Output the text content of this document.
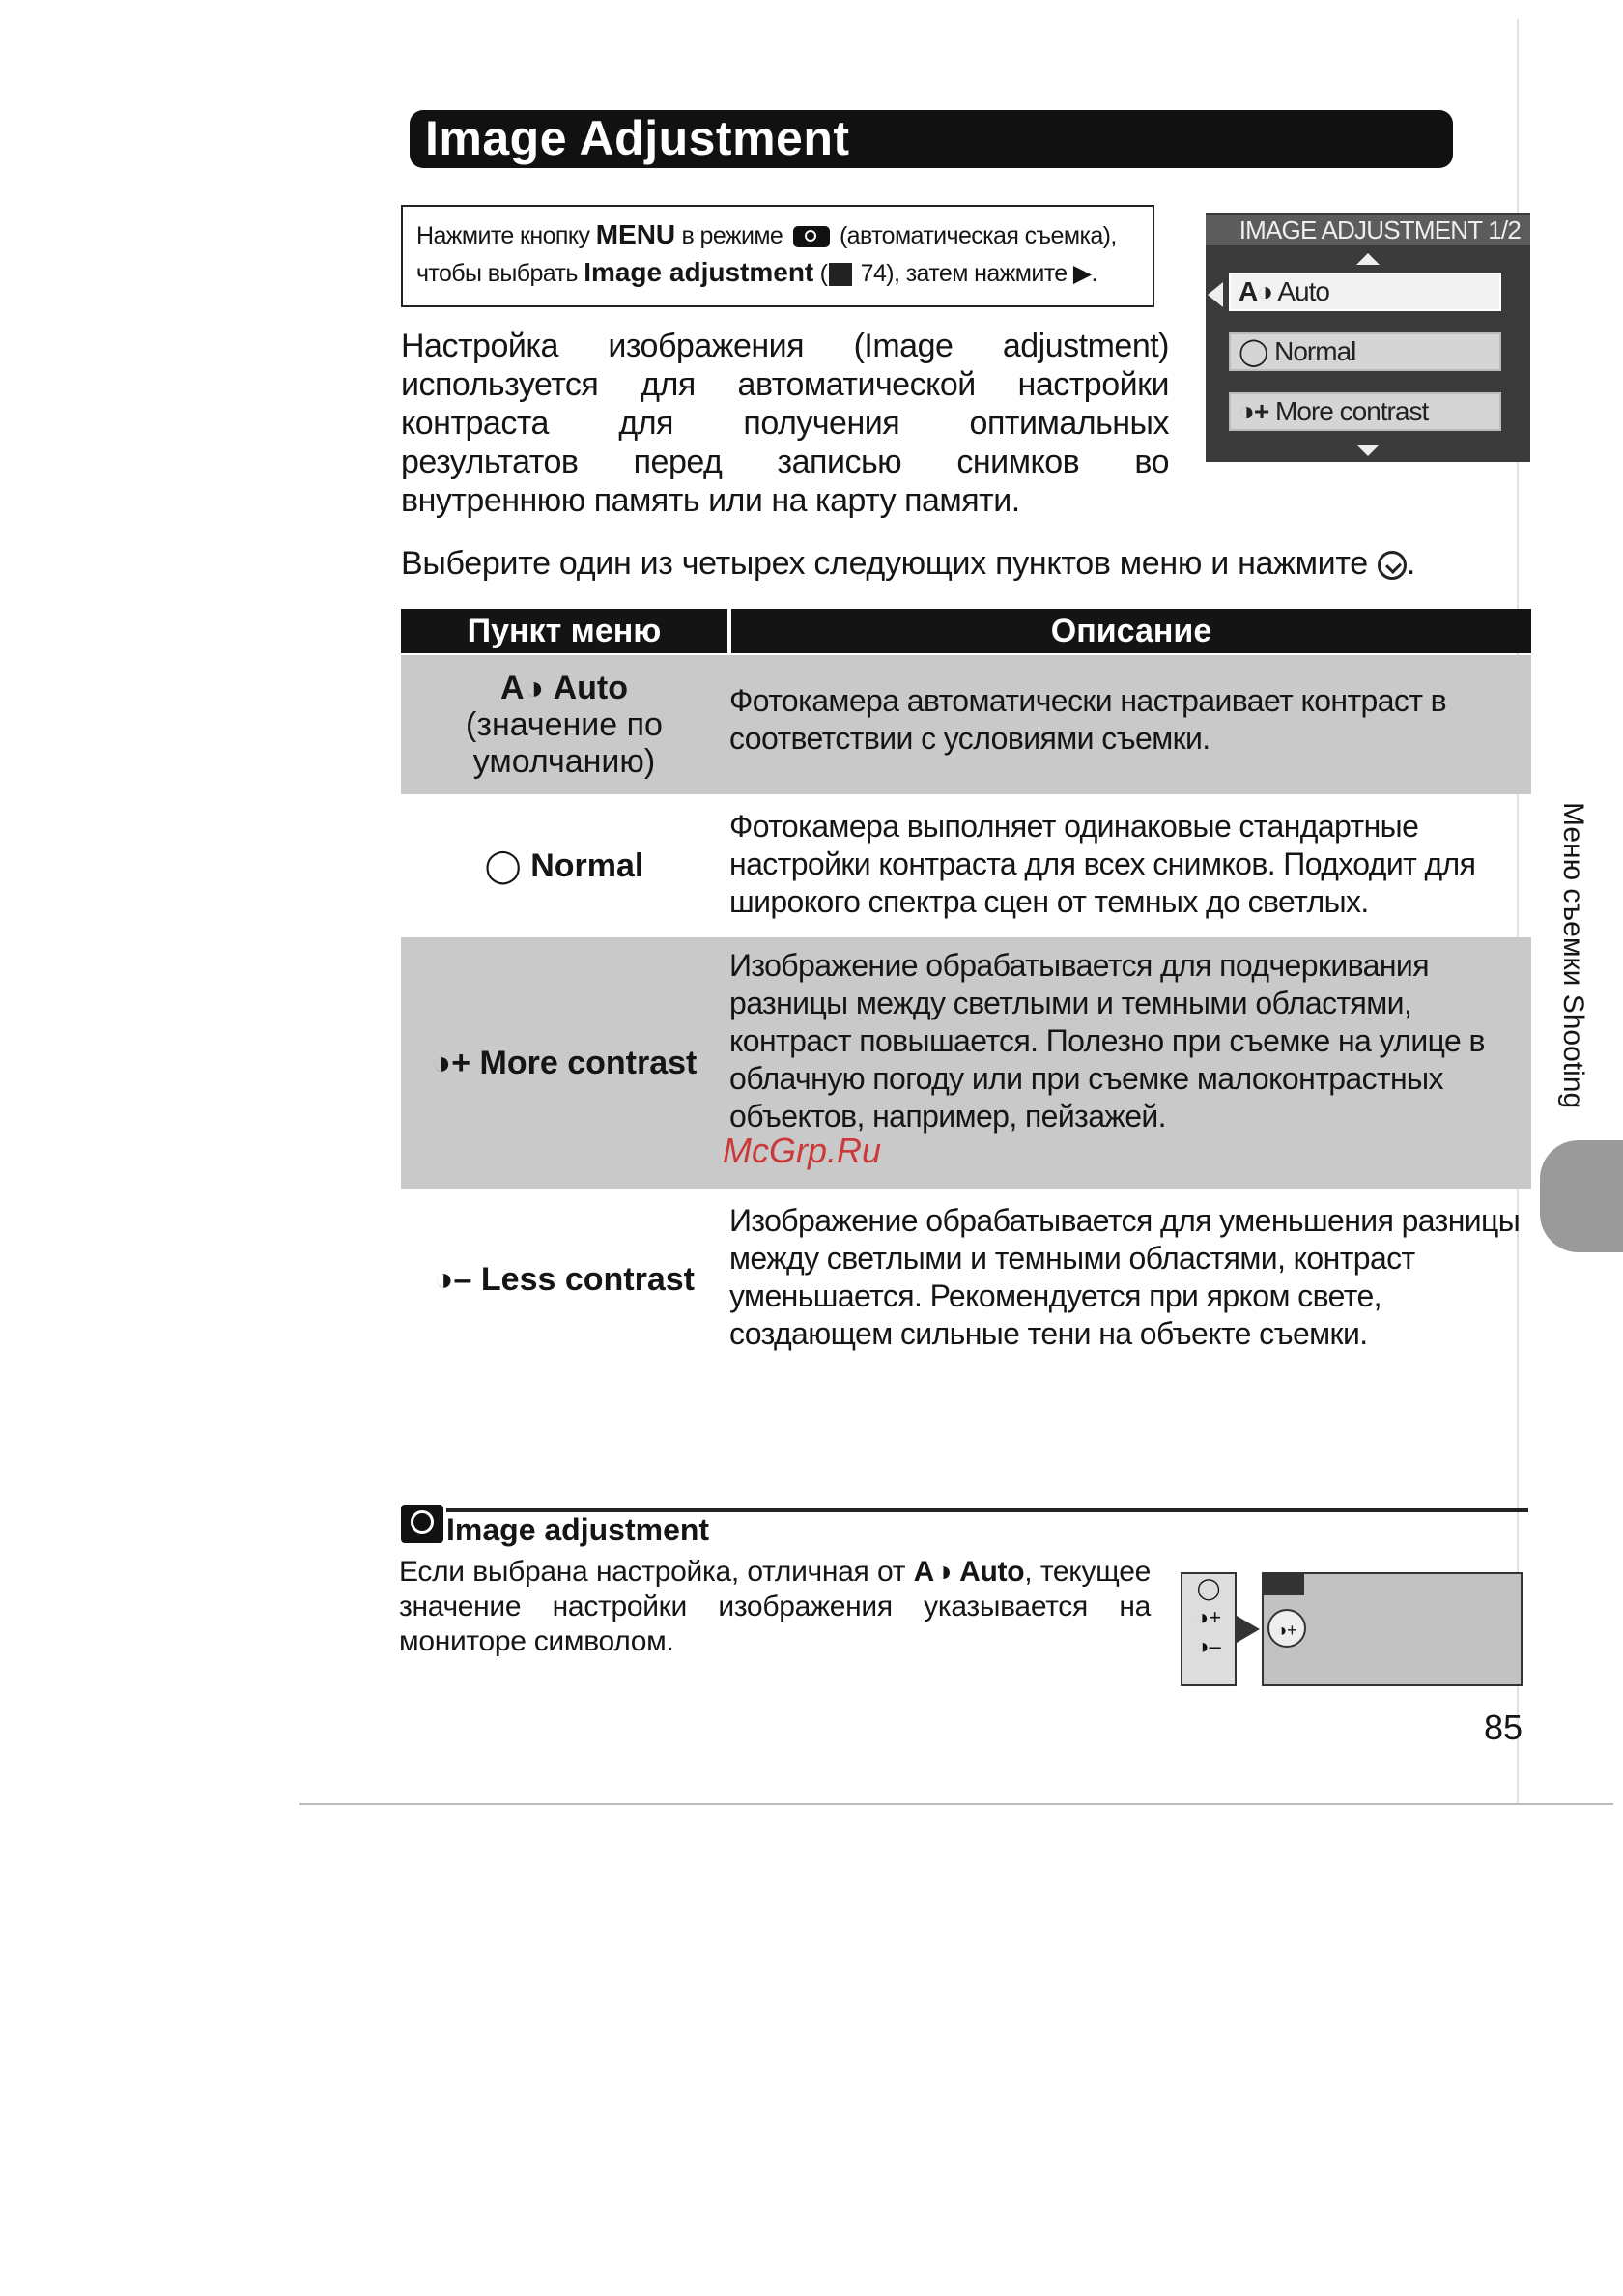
Image Adjustment
Нажмите кнопку MENU в режиме  (автоматическая съемка),
чтобы выбрать Image adjustment ( 74), затем нажмите ▶.
Настройка изображения (Image adjustment) используется для автоматической настройки контраста для получения оптимальных результатов перед записью снимков во внутреннюю память или на карту памяти.
IMAGE ADJUSTMENT 1/2
A◑ Auto
◯ Normal
◑+ More contrast
Выберите один из четырех следующих пунктов меню и нажмите .
Пункт меню	Описание
A◑ Auto
(значение по умолчанию)
Фотокамера автоматически настраивает контраст в соответствии с условиями съемки.
◯ Normal
Фотокамера выполняет одинаковые стандартные настройки контраста для всех снимков. Подходит для широкого спектра сцен от темных до светлых.
◑+ More contrast
Изображение обрабатывается для подчеркивания разницы между светлыми и темными областями, контраст повышается. Полезно при съемке на улице в облачную погоду или при съемке малоконтрастных объектов, например, пейзажей.
◑– Less contrast
Изображение обрабатывается для уменьшения разницы между светлыми и темными областями, контраст уменьшается. Рекомендуется при ярком свете, создающем сильные тени на объекте съемки.
McGrp.Ru
Image adjustment
Если выбрана настройка, отличная от A◑ Auto, текущее значение настройки изображения указывается на мониторе символом.
◯
◑+
◑–
◑+
85
Меню съемки Shooting
